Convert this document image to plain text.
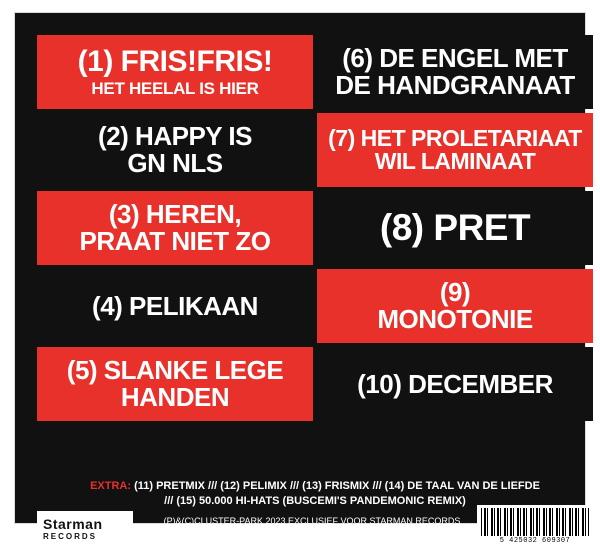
(1) FRIS!FRIS!
HET HEELAL IS HIER
(6) DE ENGEL MET
DE HANDGRANAAT
(2) HAPPY IS
GN NLS
(7) HET PROLETARIAAT
WIL LAMINAAT
(3) HEREN,
PRAAT NIET ZO	(8) PRET
(4) PELIKAAN	(9)
MONOTONIE
(5) SLANKE LEGE
HANDEN	(10) DECEMBER
EXTRA: (11) PRETMIX /// (12) PELIMIX /// (13) FRISMIX /// (14) DE TAAL VAN DE LIEFDE
/// (15) 50.000 HI-HATS (BUSCEMI'S PANDEMONIC REMIX)
Starman
RECORDS
(P)&(C)CLUSTER-PARK 2023 EXCLUSIEF VOOR STARMAN RECORDS (SMR415)
www.starmanrecords.com
5 425032 609307
